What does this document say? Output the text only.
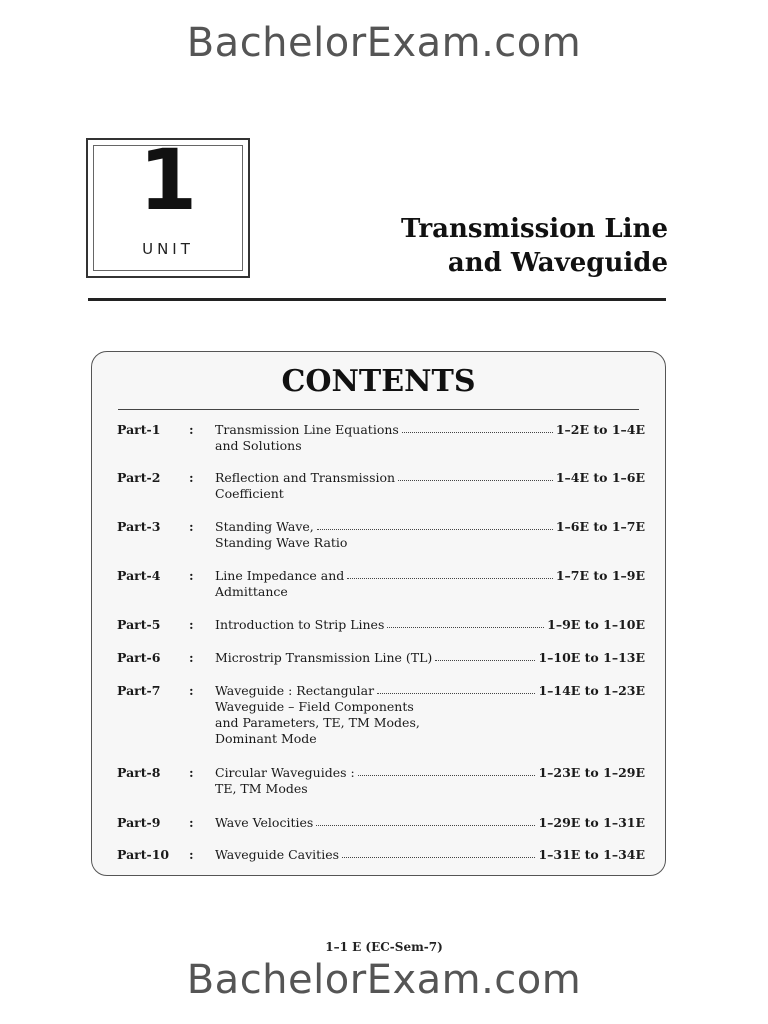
BachelorExam.com
1
UNIT
Transmission Line
and Waveguide
CONTENTS
Part-1	: Transmission Line Equations	1–2E to 1–4E
and Solutions
Part-2	: Reflection and Transmission	1–4E to 1–6E
Coefficient
Part-3	: Standing Wave,	1–6E to 1–7E
Standing Wave Ratio
Part-4	: Line Impedance and	1–7E to 1–9E
Admittance
Part-5	: Introduction to Strip Lines	1–9E to 1–10E
Part-6	: Microstrip Transmission Line (TL)	1–10E to 1–13E
Part-7	: Waveguide : Rectangular	1–14E to 1–23E
Waveguide – Field Components
and Parameters, TE, TM Modes,
Dominant Mode
Part-8	: Circular Waveguides :	1–23E to 1–29E
TE, TM Modes
Part-9	: Wave Velocities	1–29E to 1–31E
Part-10	: Waveguide Cavities	1–31E to 1–34E
1–1 E (EC-Sem-7)
BachelorExam.com
